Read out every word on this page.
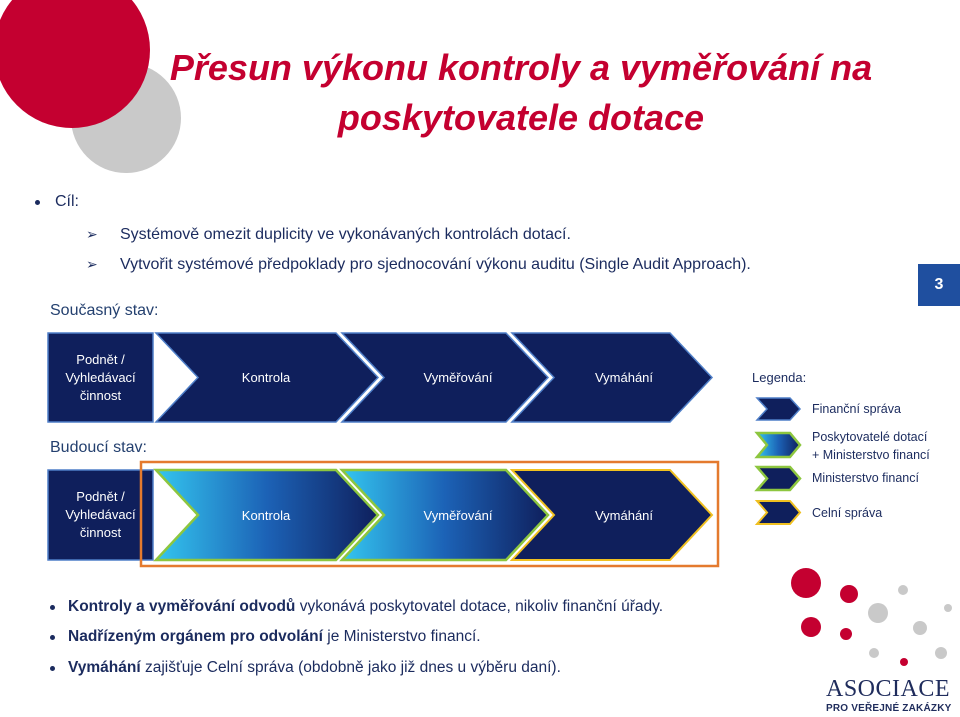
Přesun výkonu kontroly a vyměřování na
poskytovatele dotace
Cíl:
➢
Systémově omezit duplicity ve vykonávaných kontrolách dotací.
➢
Vytvořit systémové předpoklady pro sjednocování výkonu auditu (Single Audit Approach).
3
Současný stav:
Podnět / Vyhledávací činnost
Kontrola	Vyměřování	Vymáhání
Budoucí stav:
Podnět / Vyhledávací činnost
Kontrola	Vyměřování	Vymáhání
Legenda:
Finanční správa
Poskytovatelé dotací
+ Ministerstvo financí
Ministerstvo financí
Celní správa
Kontroly a vyměřování odvodů vykonává poskytovatel dotace, nikoliv finanční úřady.
Nadřízeným orgánem pro odvolání je Ministerstvo financí.
Vymáhání zajišťuje Celní správa (obdobně jako již dnes u výběru daní).
ASOCIACE
PRO VEŘEJNÉ ZAKÁZKY
